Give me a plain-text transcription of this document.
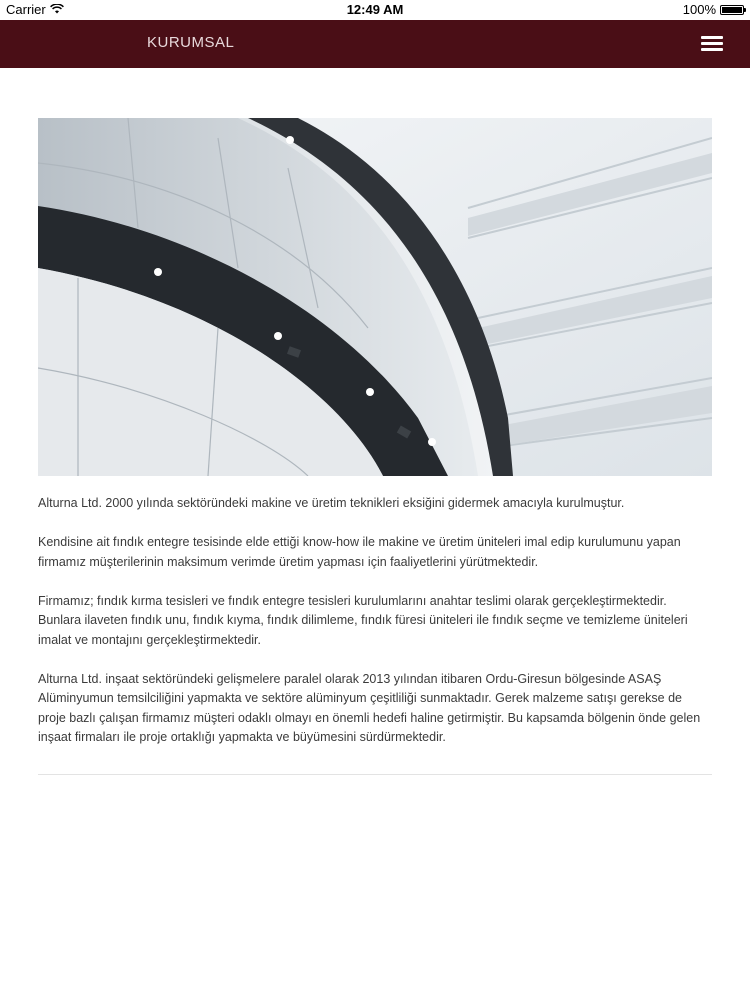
Carrier	12:49 AM	100%
KURUMSAL

Alturna Ltd. 2000 yılında sektöründeki makine ve üretim teknikleri eksiğini gidermek amacıyla kurulmuştur.

Kendisine ait fındık entegre tesisinde elde ettiği know-how ile makine ve üretim üniteleri imal edip kurulumunu yapan firmamız müşterilerinin maksimum verimde üretim yapması için faaliyetlerini yürütmektedir.

Firmamız; fındık kırma tesisleri ve fındık entegre tesisleri kurulumlarını anahtar teslimi olarak gerçekleştirmektedir. Bunlara ilaveten fındık unu, fındık kıyma, fındık dilimleme, fındık füresi üniteleri ile fındık seçme ve temizleme üniteleri imalat ve montajını gerçekleştirmektedir.

Alturna Ltd. inşaat sektöründeki gelişmelere paralel olarak 2013 yılından itibaren Ordu-Giresun bölgesinde ASAŞ Alüminyumun temsilciliğini yapmakta ve sektöre alüminyum çeşitliliği sunmaktadır. Gerek malzeme satışı gerekse de proje bazlı çalışan firmamız müşteri odaklı olmayı en önemli hedefi haline getirmiştir. Bu kapsamda bölgenin önde gelen inşaat firmaları ile proje ortaklığı yapmakta ve büyümesini sürdürmektedir.
